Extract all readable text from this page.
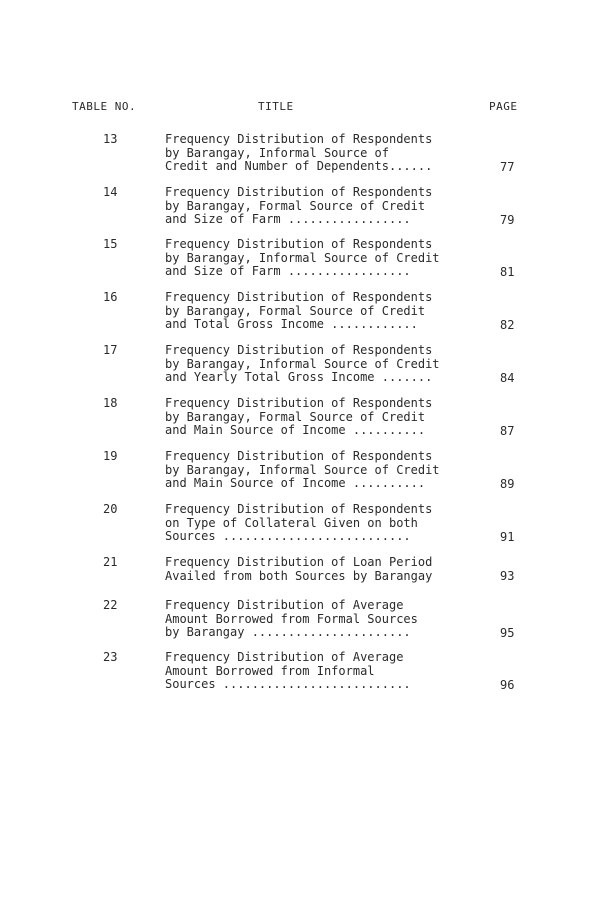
TABLE NO.	TITLE	PAGE
13	Frequency Distribution of Respondents
by Barangay, Informal Source of
Credit and Number of Dependents......	77
14	Frequency Distribution of Respondents
by Barangay, Formal Source of Credit
and Size of Farm .................	79
15	Frequency Distribution of Respondents
by Barangay, Informal Source of Credit
and Size of Farm .................	81
16	Frequency Distribution of Respondents
by Barangay, Formal Source of Credit
and Total Gross Income ............	82
17	Frequency Distribution of Respondents
by Barangay, Informal Source of Credit
and Yearly Total Gross Income .......	84
18	Frequency Distribution of Respondents
by Barangay, Formal Source of Credit
and Main Source of Income ..........	87
19	Frequency Distribution of Respondents
by Barangay, Informal Source of Credit
and Main Source of Income ..........	89
20	Frequency Distribution of Respondents
on Type of Collateral Given on both
Sources ..........................	91
21	Frequency Distribution of Loan Period
Availed from both Sources by Barangay	93
22	Frequency Distribution of Average
Amount Borrowed from Formal Sources
by Barangay ......................	95
23	Frequency Distribution of Average
Amount Borrowed from Informal
Sources ..........................	96
